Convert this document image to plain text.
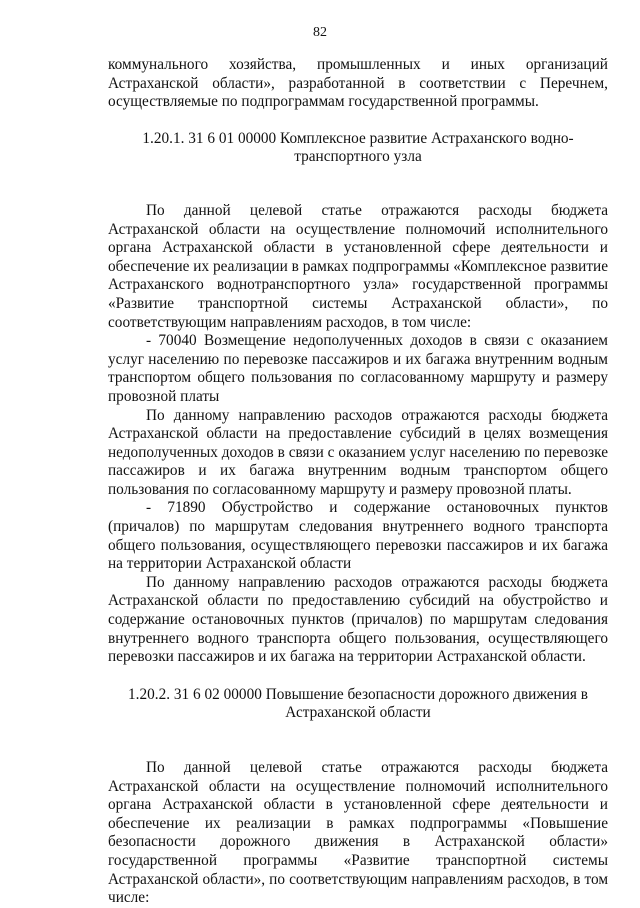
82

коммунального хозяйства, промышленных и иных организаций Астраханской области», разработанной в соответствии с Перечнем, осуществляемые по подпрограммам государственной программы.

1.20.1. 31 6 01 00000 Комплексное развитие Астраханского воднотранспортного узла

По данной целевой статье отражаются расходы бюджета Астраханской области на осуществление полномочий исполнительного органа Астраханской области в установленной сфере деятельности и обеспечение их реализации в рамках подпрограммы «Комплексное развитие Астраханского воднотранспортного узла» государственной программы «Развитие транспортной системы Астраханской области», по соответствующим направлениям расходов, в том числе:

- 70040 Возмещение недополученных доходов в связи с оказанием услуг населению по перевозке пассажиров и их багажа внутренним водным транспортом общего пользования по согласованному маршруту и размеру провозной платы

По данному направлению расходов отражаются расходы бюджета Астраханской области на предоставление субсидий в целях возмещения недополученных доходов в связи с оказанием услуг населению по перевозке пассажиров и их багажа внутренним водным транспортом общего пользования по согласованному маршруту и размеру провозной платы.

- 71890 Обустройство и содержание остановочных пунктов (причалов) по маршрутам следования внутреннего водного транспорта общего пользования, осуществляющего перевозки пассажиров и их багажа на территории Астраханской области

По данному направлению расходов отражаются расходы бюджета Астраханской области по предоставлению субсидий на обустройство и содержание остановочных пунктов (причалов) по маршрутам следования внутреннего водного транспорта общего пользования, осуществляющего перевозки пассажиров и их багажа на территории Астраханской области.

1.20.2. 31 6 02 00000 Повышение безопасности дорожного движения в Астраханской области

По данной целевой статье отражаются расходы бюджета Астраханской области на осуществление полномочий исполнительного органа Астраханской области в установленной сфере деятельности и обеспечение их реализации в рамках подпрограммы «Повышение безопасности дорожного движения в Астраханской области» государственной программы «Развитие транспортной системы Астраханской области», по соответствующим направлениям расходов, в том числе:
